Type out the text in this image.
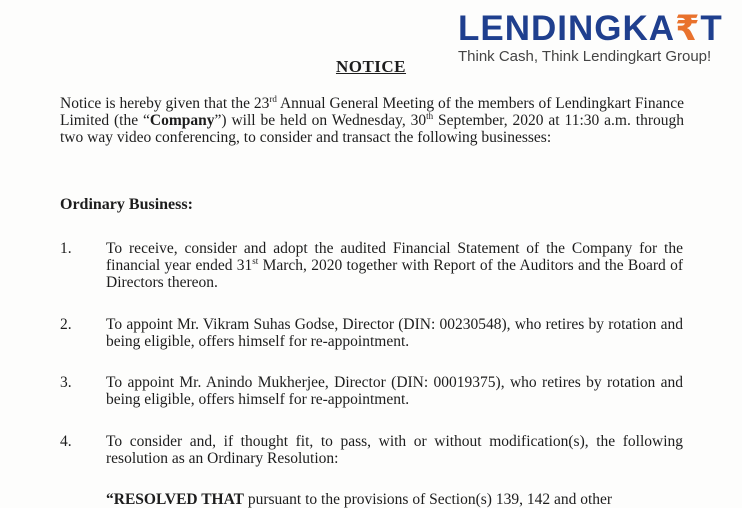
LENDINGKA₹T
Think Cash, Think Lendingkart Group!
NOTICE

Notice is hereby given that the 23rd Annual General Meeting of the members of Lendingkart Finance Limited (the “Company”) will be held on Wednesday, 30th September, 2020 at 11:30 a.m. through two way video conferencing, to consider and transact the following businesses:

Ordinary Business:
1. To receive, consider and adopt the audited Financial Statement of the Company for the financial year ended 31st March, 2020 together with Report of the Auditors and the Board of Directors thereon.

2. To appoint Mr. Vikram Suhas Godse, Director (DIN: 00230548), who retires by rotation and being eligible, offers himself for re-appointment.

3. To appoint Mr. Anindo Mukherjee, Director (DIN: 00019375), who retires by rotation and being eligible, offers himself for re-appointment.

4. To consider and, if thought fit, to pass, with or without modification(s), the following resolution as an Ordinary Resolution:

“RESOLVED THAT pursuant to the provisions of Section(s) 139, 142 and other
